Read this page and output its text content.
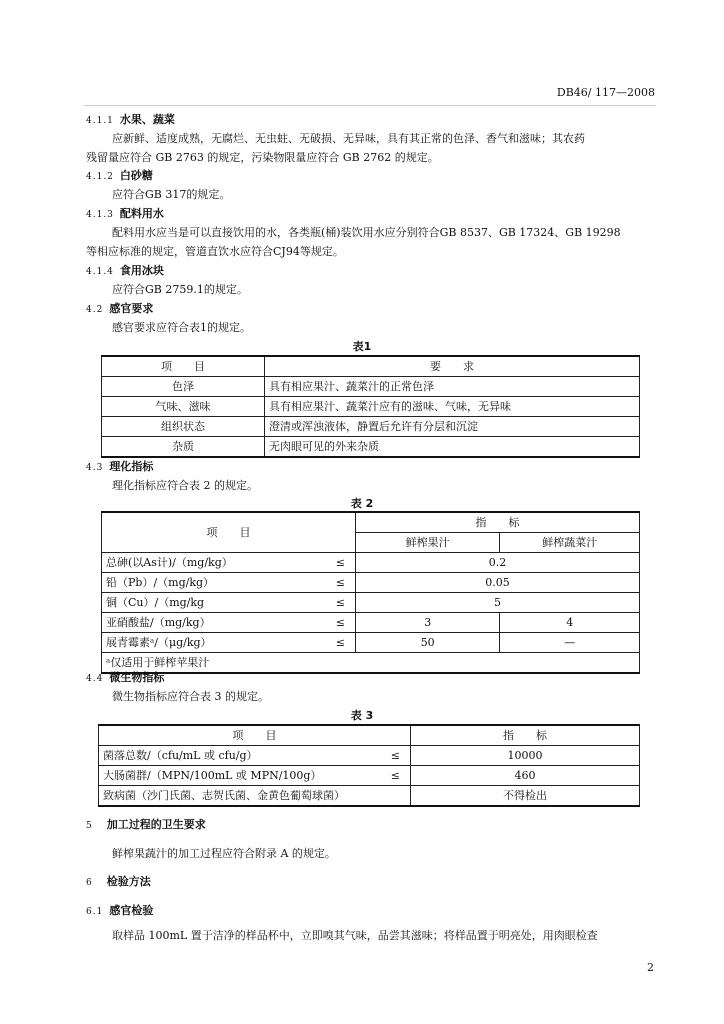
DB46/ 117—2008
4.1.1 水果、蔬菜
应新鲜、适度成熟，无腐烂、无虫蛀、无破损、无异味，具有其正常的色泽、香气和滋味；其农药
残留量应符合 GB 2763 的规定，污染物限量应符合 GB 2762 的规定。
4.1.2 白砂糖
应符合GB 317的规定。
4.1.3 配料用水
配料用水应当是可以直接饮用的水，各类瓶(桶)装饮用水应分别符合GB 8537、GB 17324、GB 19298
等相应标准的规定，管道直饮水应符合CJ94等规定。
4.1.4 食用冰块
应符合GB 2759.1的规定。
4.2 感官要求
感官要求应符合表1的规定。
表1
项　　目	要　　求
色泽	具有相应果汁、蔬菜汁的正常色泽
气味、滋味	具有相应果汁、蔬菜汁应有的滋味、气味，无异味
组织状态	澄清或浑浊液体，静置后允许有分层和沉淀
杂质	无肉眼可见的外来杂质
4.3 理化指标
理化指标应符合表 2 的规定。
表 2
项　　目		指　　标	
		鲜榨果汁	鲜榨蔬菜汁
总砷(以As计)/（mg/kg）	≤	0.2	
铅（Pb）/（mg/kg）	≤	0.05	
铜（Cu）/（mg/kg	≤	5	
亚硝酸盐/（mg/kg）	≤	3	4
展青霉素ᵃ/（μg/kg）	≤	50	—
ᵃ仅适用于鲜榨苹果汁			
4.4 微生物指标
微生物指标应符合表 3 的规定。
表 3
项　　目		指　　标
菌落总数/（cfu/mL 或 cfu/g）	≤	10000
大肠菌群/（MPN/100mL 或 MPN/100g）	≤	460
致病菌（沙门氏菌、志贺氏菌、金黄色葡萄球菌）		不得检出
5 加工过程的卫生要求
鲜榨果蔬汁的加工过程应符合附录 A 的规定。
6 检验方法
6.1 感官检验
取样品 100mL 置于洁净的样品杯中，立即嗅其气味，品尝其滋味；将样品置于明亮处，用肉眼检查
2
